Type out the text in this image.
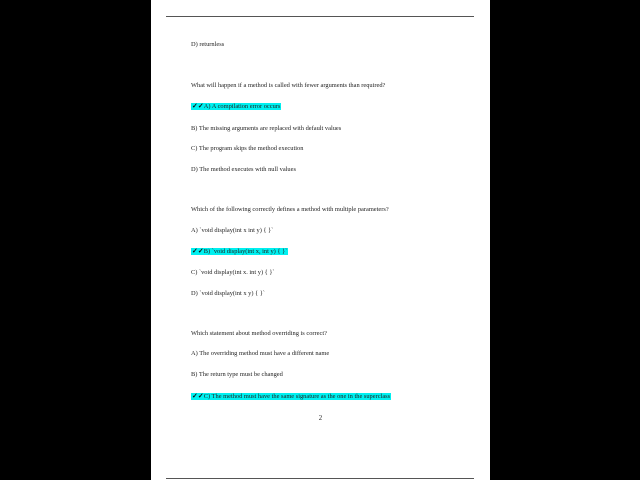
D) returnless
What will happen if a method is called with fewer arguments than required?
✓✓A) A compilation error occurs
B) The missing arguments are replaced with default values
C) The program skips the method execution
D) The method executes with null values
Which of the following correctly defines a method with multiple parameters?
A) `void display(int x int y) { }`
✓✓B) `void display(int x, int y) { }`
C) `void display(int x. int y) { }`
D) `void display(int x y) { }`
Which statement about method overriding is correct?
A) The overriding method must have a different name
B) The return type must be changed
✓✓C) The method must have the same signature as the one in the superclass
2
